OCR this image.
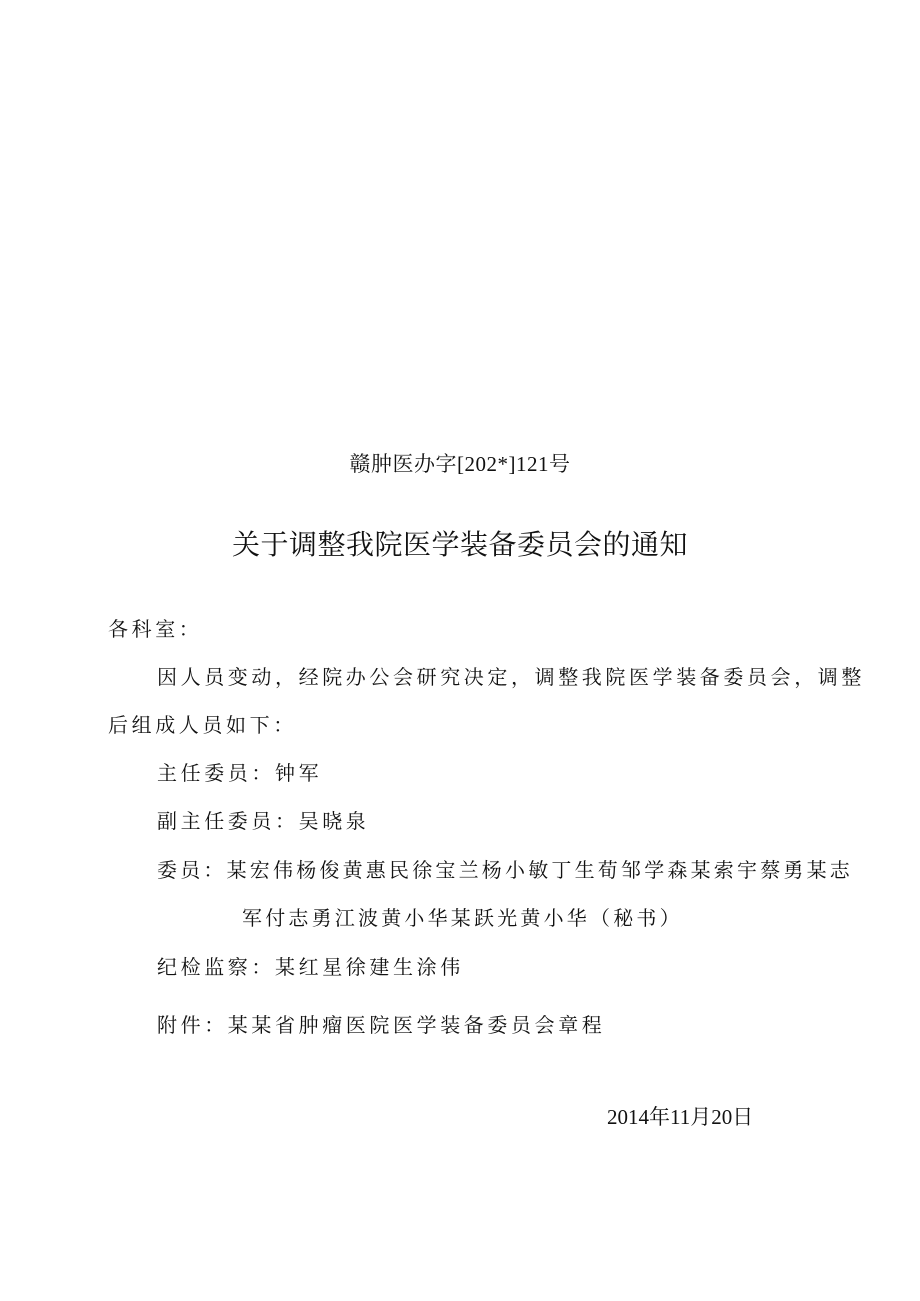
赣肿医办字[202*]121号
关于调整我院医学装备委员会的通知
各科室：
因人员变动，经院办公会研究决定，调整我院医学装备委员会，调整
后组成人员如下：
主任委员：钟军
副主任委员：吴晓泉
委员：某宏伟杨俊黄惠民徐宝兰杨小敏丁生荀邹学森某索宇蔡勇某志
军付志勇江波黄小华某跃光黄小华（秘书）
纪检监察：某红星徐建生涂伟
附件：某某省肿瘤医院医学装备委员会章程
2014年11月20日
